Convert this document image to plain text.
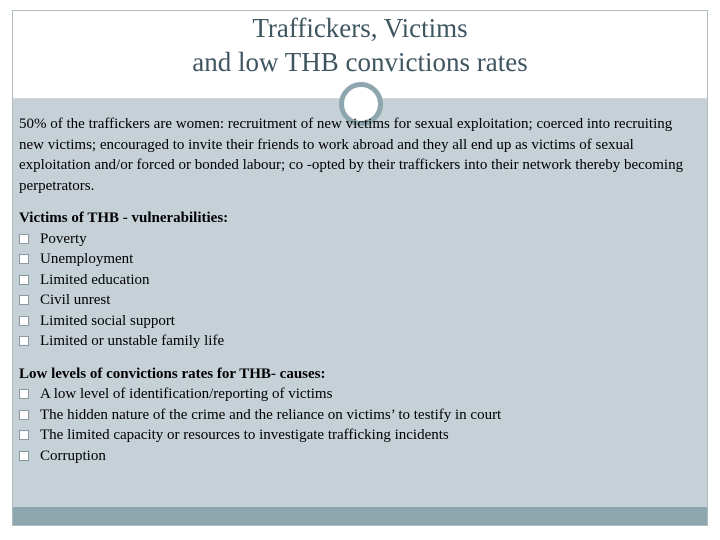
Traffickers, Victims
and low THB convictions rates

50% of the traffickers are women: recruitment of new victims for sexual exploitation; coerced into recruiting new victims; encouraged to invite their friends to work abroad and they all end up as victims of sexual exploitation and/or forced or bonded labour; co -opted by their traffickers into their network thereby becoming perpetrators.

Victims of THB - vulnerabilities:

Poverty
Unemployment
Limited education
Civil unrest
Limited social support
Limited or unstable family life

Low levels of convictions rates for THB- causes:

A low level of identification/reporting of victims
The hidden nature of the crime and the reliance on victims’ to testify in court
The limited capacity or resources to investigate trafficking incidents
Corruption
